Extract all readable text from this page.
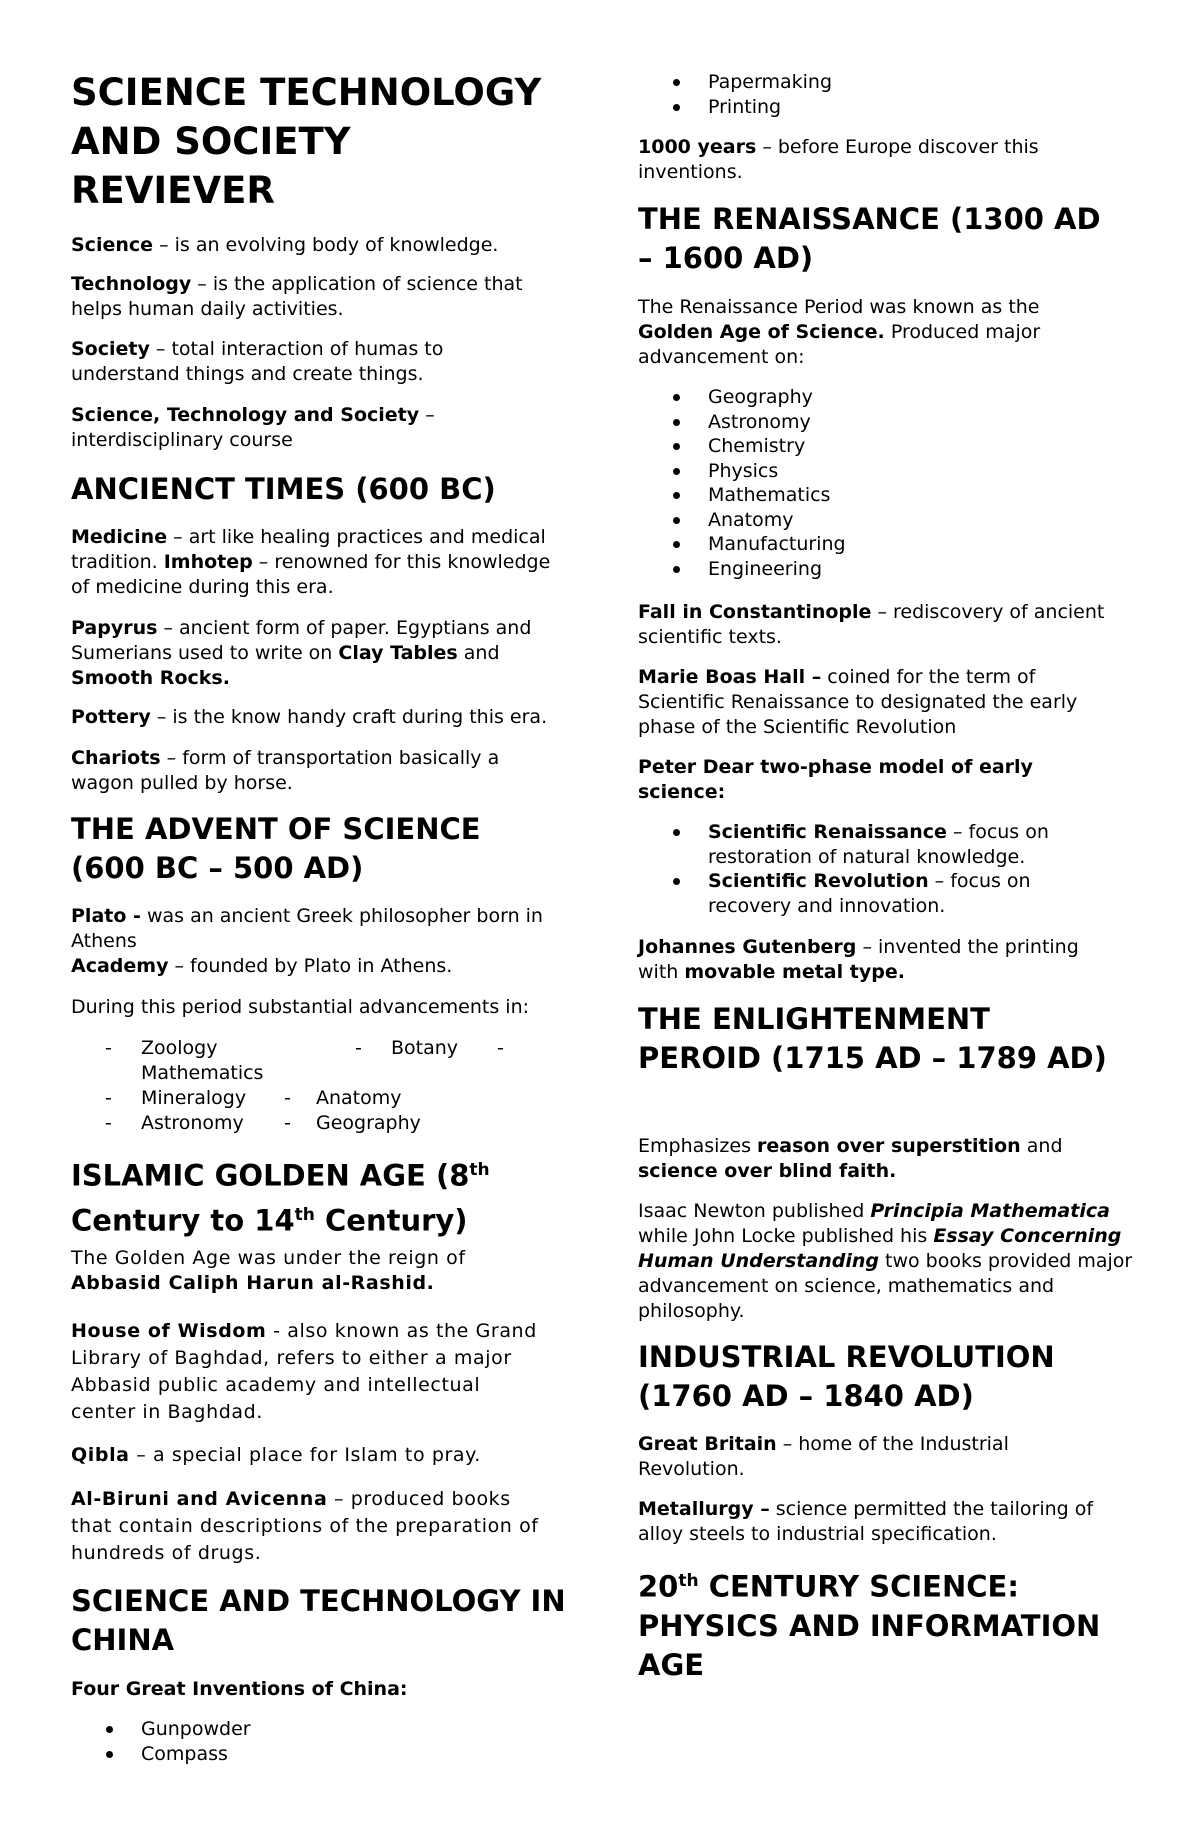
SCIENCE TECHNOLOGY AND SOCIETY REVIEVER

Science – is an evolving body of knowledge.

Technology – is the application of science that helps human daily activities.

Society – total interaction of humas to understand things and create things.

Science, Technology and Society – interdisciplinary course

ANCIENCT TIMES (600 BC)

Medicine – art like healing practices and medical tradition. Imhotep – renowned for this knowledge of medicine during this era.

Papyrus – ancient form of paper. Egyptians and Sumerians used to write on Clay Tables and Smooth Rocks.

Pottery – is the know handy craft during this era.

Chariots – form of transportation basically a wagon pulled by horse.

THE ADVENT OF SCIENCE (600 BC – 500 AD)

Plato - was an ancient Greek philosopher born in Athens

Academy – founded by Plato in Athens.

During this period substantial advancements in:

- Zoology	- Botany -
Mathematics
- Mineralogy - Anatomy
- Astronomy - Geography
ISLAMIC GOLDEN AGE (8th
Century to 14th Century)

The Golden Age was under the reign of Abbasid Caliph Harun al-Rashid.

House of Wisdom - also known as the Grand Library of Baghdad, refers to either a major Abbasid public academy and intellectual center in Baghdad.

Qibla – a special place for Islam to pray.

Al-Biruni and Avicenna – produced books that contain descriptions of the preparation of hundreds of drugs.

SCIENCE AND TECHNOLOGY IN CHINA

Four Great Inventions of China:

Gunpowder
Compass
Papermaking
Printing

1000 years – before Europe discover this inventions.

THE RENAISSANCE (1300 AD – 1600 AD)

The Renaissance Period was known as the Golden Age of Science. Produced major advancement on:

Geography
Astronomy
Chemistry
Physics
Mathematics
Anatomy
Manufacturing
Engineering

Fall in Constantinople – rediscovery of ancient scientific texts.

Marie Boas Hall – coined for the term of Scientific Renaissance to designated the early phase of the Scientific Revolution

Peter Dear two-phase model of early science:

Scientific Renaissance – focus on restoration of natural knowledge.
Scientific Revolution – focus on recovery and innovation.

Johannes Gutenberg – invented the printing with movable metal type.

THE ENLIGHTENMENT PEROID (1715 AD – 1789 AD)

Emphasizes reason over superstition and science over blind faith.

Isaac Newton published Principia Mathematica while John Locke published his Essay Concerning Human Understanding two books provided major advancement on science, mathematics and philosophy.

INDUSTRIAL REVOLUTION (1760 AD – 1840 AD)

Great Britain – home of the Industrial Revolution.

Metallurgy – science permitted the tailoring of alloy steels to industrial specification.

20th CENTURY SCIENCE: PHYSICS AND INFORMATION AGE
